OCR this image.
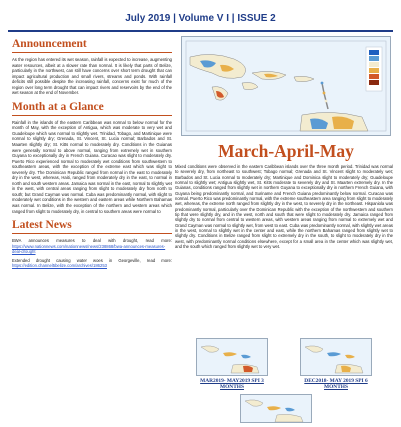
July 2019 | Volume V I | ISSUE 2
Announcement

As the region has entered its wet season, rainfall is expected to increase, augmenting water resources, albeit at a slower rate than normal. It is likely that parts of Belize, particularly in the northwest, can still have concerns over short term drought that can impact agricultural production and small rivers, streams and ponds. With rainfall deficits still possible despite the increasing rainfall, concerns exist for much of the region over long term drought that can impact rivers and reservoirs by the end of the wet season at the end of November.

Month at a Glance

Rainfall in the islands of the eastern Caribbean was normal to below normal for the month of May, with the exception of Antigua, which was moderate to very wet and Guadeloupe which was normal to slightly wet. Trinidad, Tobago, and Martinique were normal to slightly dry; Grenada, St. Vincent, St. Lucia normal; Barbados and St. Maarten slightly dry; St. Kitts normal to moderately dry. Conditions in the Guianas were generally normal to above normal, ranging from extremely wet in southern Guyana to exceptionally dry in French Guiana. Curacao was slight to moderately dry. Puerto Rico experienced normal to moderately wet conditions from southwestern to southeastern areas, with the exception of the extreme east which was slight to severely dry. The Dominican Republic ranged from normal in the east to moderately dry in the west, whereas, Haiti, ranged from moderately dry in the east, to normal in north and south western areas. Jamaica was normal in the east, normal to slightly wet in the west, with central areas ranging from slight to moderately dry from north to south; but Grand Cayman was normal. Cuba was predominantly normal, with slight to moderately wet conditions in the western and eastern areas while Northern Bahamas was normal. In Belize, with the exception of the northern and western areas which ranged from slight to moderately dry, in central to southern areas were normal to

Latest News

BWA announces measures to deal with drought, read more: https://www.nationnews.com/nationnews/news/238868/bwa-announces-measures-deal-drought

Extended drought causing water woes in Georgeville, read more: https://edition.channel5belize.com/archives/186253

March-April-May

Mixed conditions were observed in the eastern Caribbean islands over the three month period. Trinidad was normal to severely dry, from northeast to southwest; Tobago normal; Grenada and St. Vincent slight to moderately wet; Barbados and St. Lucia normal to moderately dry; Martinique and Dominica slight to moderately dry; Guadeloupe normal to slightly wet; Antigua slightly wet, St. Kitts moderate to severely dry and St. Maarten extremely dry. In the Guianas, conditions ranged from slightly wet in northern Guyana to exceptionally dry in northern French Guiana, with Guyana being predominantly normal, and Suriname and French Guiana predominantly below normal. Curacao was normal. Puerto Rico was predominantly normal, with the extreme southeastern area ranging from slight to moderately wet, whereas, the extreme north ranged from slightly dry in the west, to severely dry in the northeast. Hispaniola was predominantly normal, particularly over the Dominican Republic with the exception of the northwestern and southern tip that were slightly dry, and in the west, north and south that were slight to moderately dry. Jamaica ranged from slightly dry to normal from central to western areas, with western areas ranging from normal to extremely wet and Grand Cayman was normal to slightly wet, from west to east. Cuba was predominantly normal, with slightly wet areas in the west, normal to slightly wet in the center and east, while the northern Bahamas ranged from slightly wet to slightly dry. Conditions in Belize ranged from slight to extremely dry in the south, to slight to moderately dry in the west, with predominantly normal conditions elsewhere, except for a small area in the center which was slightly wet, and the south which ranged from slightly wet to very wet.

MAR2019- MAY2019 SPI 3 MONTHS
DEC2018- MAY 2019 SPI 6 MONTHS
